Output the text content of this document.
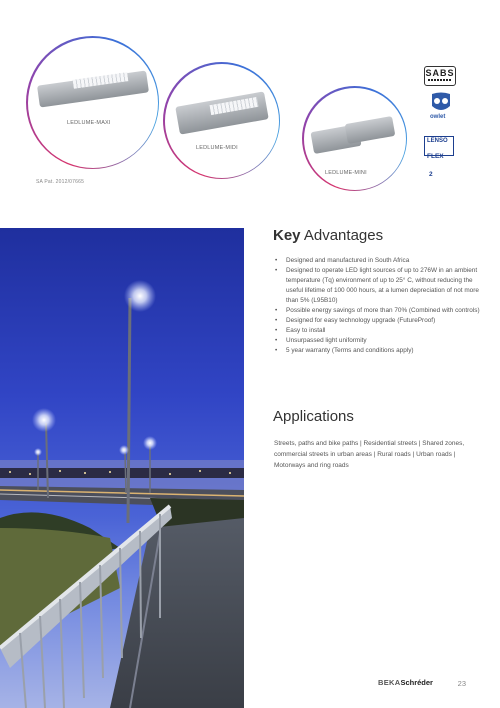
LEDLUME-MAXI
LEDLUME-MIDI
LEDLUME-MINI
SA Pat. 2012/07665
SABS
owlet
LENSO
FLEX 2
Key Advantages
• Designed and manufactured in South Africa
• Designed to operate LED light sources of up to 276W in an ambient temperature (Tq) environment of up to 25° C, without reducing the useful lifetime of 100 000 hours, at a lumen depreciation of not more than 5% (L95B10)
• Possible energy savings of more than 70% (Combined with controls)
• Designed for easy technology upgrade (FutureProof)
• Easy to install
• Unsurpassed light uniformity
• 5 year warranty (Terms and conditions apply)
Applications
Streets, paths and bike paths | Residential streets | Shared zones, commercial streets in urban areas | Rural roads | Urban roads | Motorways and ring roads
BEKASchréder	23
